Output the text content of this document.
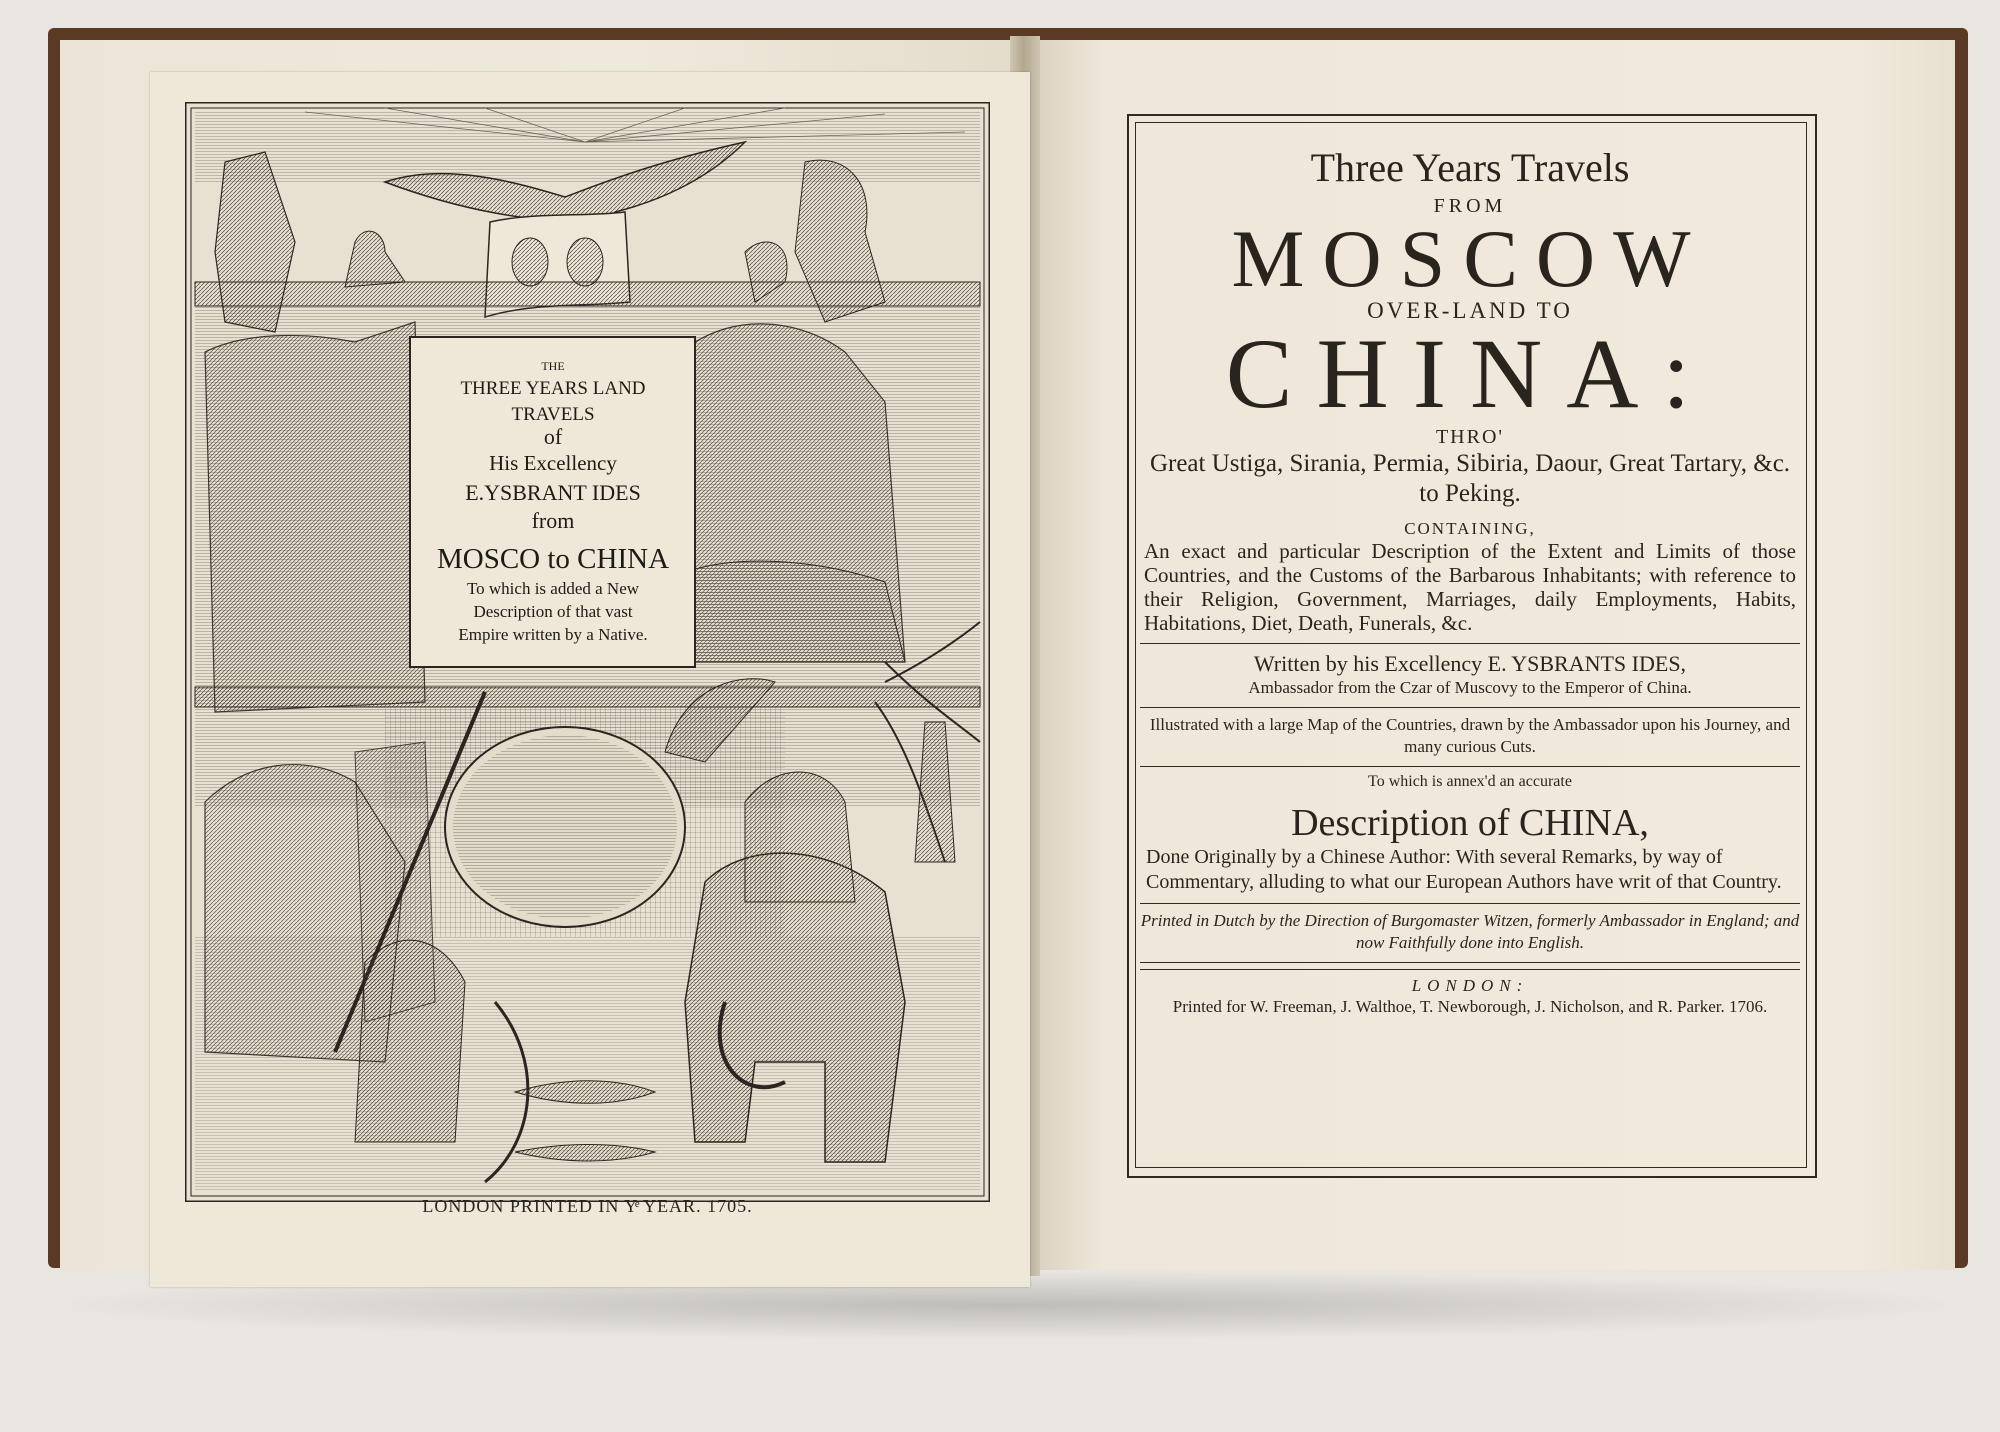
THE
THREE YEARS LAND
TRAVELS
of
His Excellency
E.YSBRANT IDES
from
MOSCO to CHINA
To which is added a New
Description of that vast
Empire written by a Native.
LONDON PRINTED IN Yͤ YEAR. 1705.
Three Years Travels
FROM
MOSCOW
OVER-LAND TO
CHINA:
THRO'
Great Ustiga, Sirania, Permia, Sibiria, Daour, Great Tartary, &c. to Peking.
CONTAINING,
An exact and particular Description of the Extent and Limits of those Countries, and the Customs of the Barbarous Inhabitants; with reference to their Religion, Government, Marriages, daily Employments, Habits, Habitations, Diet, Death, Funerals, &c.
Written by his Excellency E. YSBRANTS IDES,
Ambassador from the Czar of Muscovy to the Emperor of China.
Illustrated with a large Map of the Countries, drawn by the Ambassador upon his Journey, and many curious Cuts.
To which is annex'd an accurate
Description of CHINA,
Done Originally by a Chinese Author: With several Remarks, by way of Commentary, alluding to what our European Authors have writ of that Country.
Printed in Dutch by the Direction of Burgomaster Witzen, formerly Ambassador in England; and now Faithfully done into English.
LONDON:
Printed for W. Freeman, J. Walthoe, T. Newborough, J. Nicholson, and R. Parker. 1706.
